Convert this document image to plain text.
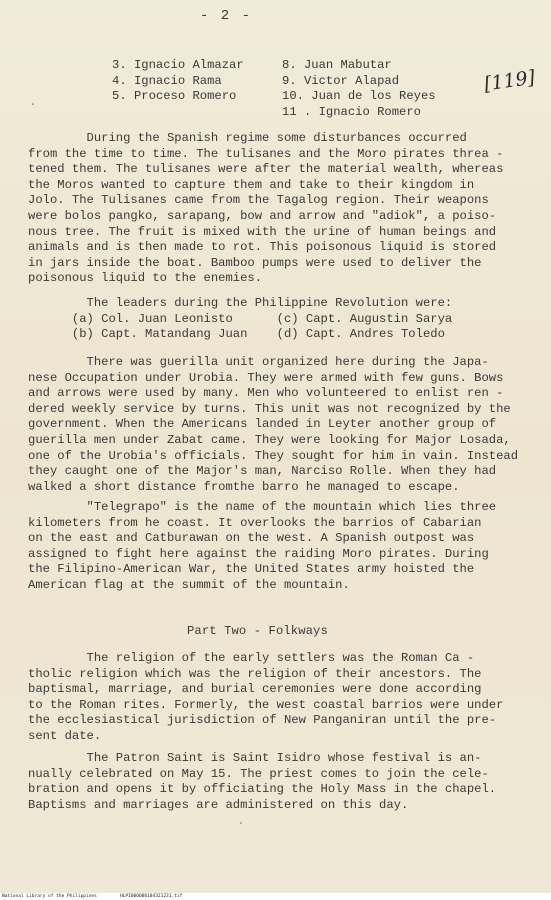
- 2 -
3. Ignacio Almazar
4. Ignacio Rama
5. Proceso Romero
8. Juan Mabutar
9. Victor Alapad
10. Juan de los Reyes
11 . Ignacio Romero
[119]
ʻ
During the Spanish regime some disturbances occurred
from the time to time. The tulisanes and the Moro pirates threa -
tened them. The tulisanes were after the material wealth, whereas
the Moros wanted to capture them and take to their kingdom in
Jolo. The Tulisanes came from the Tagalog region. Their weapons
were bolos pangko, sarapang, bow and arrow and "adiok", a poiso-
nous tree. The fruit is mixed with the urine of human beings and
animals and is then made to rot. This poisonous liquid is stored
in jars inside the boat. Bamboo pumps were used to deliver the
poisonous liquid to the enemies.
The leaders during the Philippine Revolution were:
(a) Col. Juan Leonisto      (c) Capt. Augustin Sarya
(b) Capt. Matandang Juan    (d) Capt. Andres Toledo
There was guerilla unit organized here during the Japa-
nese Occupation under Urobia. They were armed with few guns. Bows
and arrows were used by many. Men who volunteered to enlist ren -
dered weekly service by turns. This unit was not recognized by the
government. When the Americans landed in Leyter another group of
guerilla men under Zabat came. They were looking for Major Losada,
one of the Urobia's officials. They sought for him in vain. Instead
they caught one of the Major's man, Narciso Rolle. When they had
walked a short distance fromthe barro he managed to escape.
"Telegrapo" is the name of the mountain which lies three
kilometers from he coast. It overlooks the barrios of Cabarian
on the east and Catburawan on the west. A Spanish outpost was
assigned to fight here against the raiding Moro pirates. During
the Filipino-American War, the United States army hoisted the
American flag at the summit of the mountain.
Part Two - Folkways
The religion of the early settlers was the Roman Ca -
tholic religion which was the religion of their ancestors. The
baptismal, marriage, and burial ceremonies were done according
to the Roman rites. Formerly, the west coastal barrios were under
the ecclesiastical jurisdiction of New Panganiran until the pre-
sent date.
The Patron Saint is Saint Isidro whose festival is an-
nually celebrated on May 15. The priest comes to join the cele-
bration and opens it by officiating the Holy Mass in the chapel.
Baptisms and marriages are administered on this day.
ʻ
National Library of the Philippines	HLPI000000104321231.tif
